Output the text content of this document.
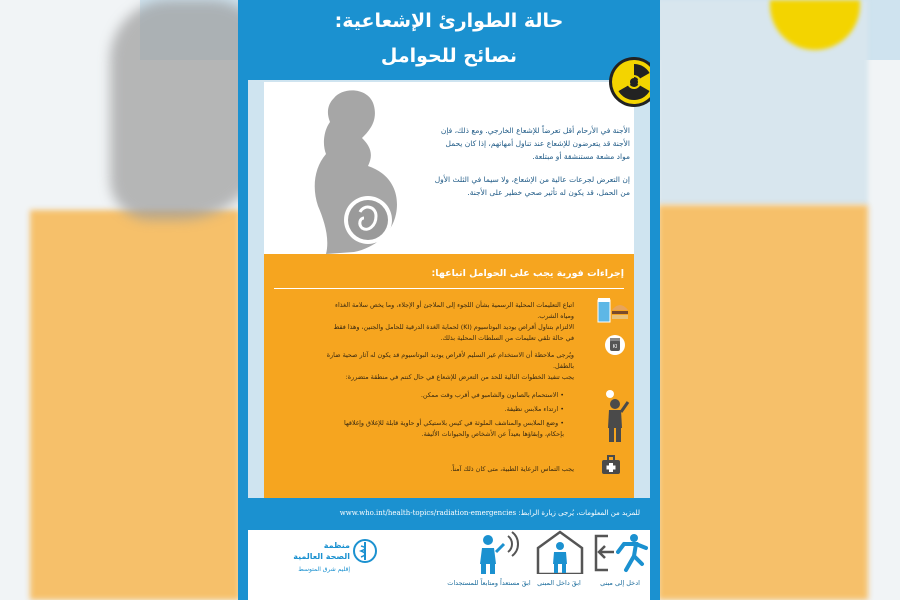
حالة الطوارئ الإشعاعية:
نصائح للحوامل

الأجنة في الأرحام أقل تعرضاً للإشعاع الخارجي. ومع ذلك، فإن الأجنة قد يتعرضون للإشعاع عند تناول أمهاتهم، إذا كان يحمل مواد مشعة مستنشقة أو مبتلعة.

إن التعرض لجرعات عالية من الإشعاع، ولا سيما في الثلث الأول من الحمل، قد يكون له تأثير صحي خطير على الأجنة.

إجراءات فورية يجب على الحوامل اتباعها:
اتباع التعليمات المحلية الرسمية بشأن اللجوء إلى الملاجئ أو الإجلاء، وما يخص سلامة الغذاء ومياه الشرب.
الالتزام بتناول أقراص يوديد البوتاسيوم (KI) لحماية الغدة الدرقية للحامل والجنين، وهذا فقط في حالة تلقي تعليمات من السلطات المحلية بذلك.
ويُرجى ملاحظة أن الاستخدام غير السليم لأقراص يوديد البوتاسيوم قد يكون له آثار صحية ضارة بالطفل.
يجب تنفيذ الخطوات التالية للحد من التعرض للإشعاع في حال كنتم في منطقة متضررة:
• الاستحمام بالصابون والشامبو في أقرب وقت ممكن.
• ارتداء ملابس نظيفة.
• وضع الملابس والمناشف الملوثة في كيس بلاستيكي أو حاوية قابلة للإغلاق وإغلاقها بإحكام، وإبقاؤها بعيداً عن الأشخاص والحيوانات الأليفة.
يجب التماس الرعاية الطبية، متى كان ذلك آمناً.
KI
للمزيد من المعلومات، يُرجى زيارة الرابط: www.who.int/health-topics/radiation-emergencies
منظمة
الصحة العالمية
إقليم شرق المتوسط
ابقَ مستعداً ومتابعاً للمستجدات ابقَ داخل المبنى	ادخل إلى مبنى
